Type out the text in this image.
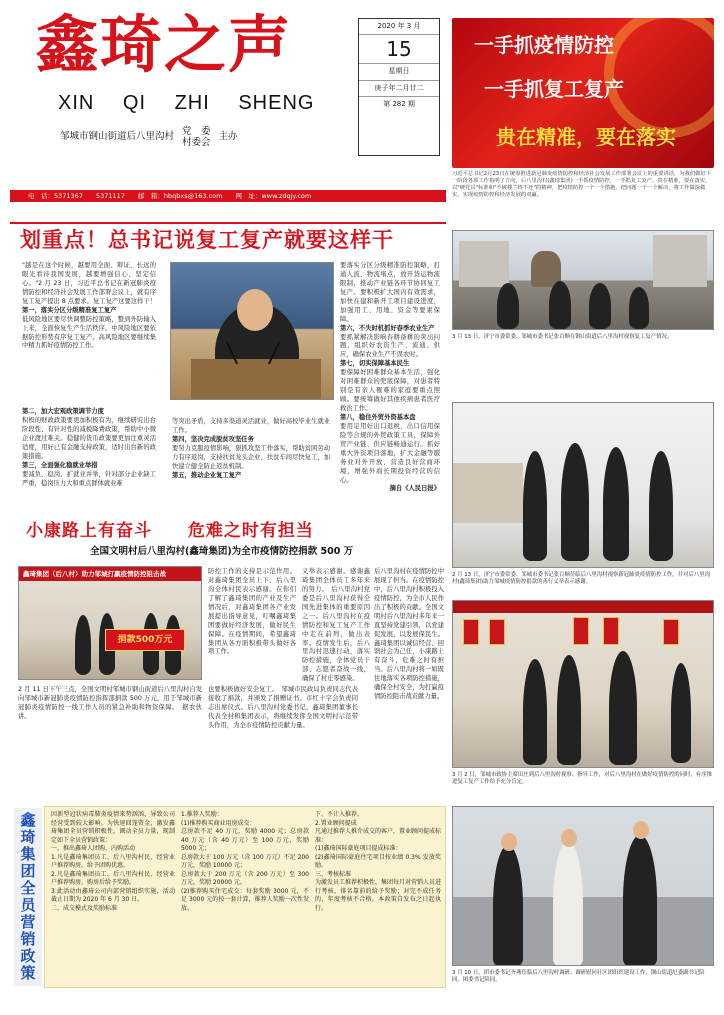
鑫琦之声
XIN QI ZHI SHENG
邹城市钢山街道后八里沟村 党　委
村委会
主办
2020 年 3 月
15
星期日
庚子年二月廿二
第 282 期
一手抓疫情防控
一手抓复工复产
贵在精准，要在落实
习近平总书记2月23日在统筹推进新冠肺炎疫情防控和经济社会发展工作部署会议上的重要讲话，为我们做好下一阶段各项工作指明了方向。后八里沟村(鑫琦集团)一手抓疫情防控，一手抓复工复产，贵在精准，要在落实，以"硬党员"标准和"不破楼兰终不还"的精神，把疫情防控一个一个措施、把问题一个一个解决，将工作做深做实，实现疫情防控和经济发展的双赢。
电　话：5371367　　5371117　　邮　箱：hbqbxs@163.com　　网　址：www.zdqjy.com
划重点！总书记说复工复产就要这样干

"越是在这个时候，越要用全面、辩证、长远的眼光看待我国发展，越要增强信心、坚定信心。"2 月 23 日，习近平总书记在新冠肺炎疫情防控和经济社会发展工作部署会议上，就有序复工复产提出 8 点要求。复工复产这要这样干！

第一，落实分区分级精准复工复产

低风险地区要尽快调整防控策略，整到外防输入上来，全面恢复生产生活秩序。中风险地区要依据防控形势有序复工复产。高风险地区要继续集中精力抓好疫情防控工作。

第二，加大宏观政策调节力度

积极的财政政策要更加积极有为，继续研究出台阶段性、有针对性的减税降费政策，帮助中小微企业渡过难关。稳健的货币政策要更加注重灵活适度，用好已有金融支持政策，适时出台新的政策措施。

第三，全面强化稳就业举措

要减负、稳岗、扩就业并举，针对部分企业缺工严重，稳岗压力大和重点群体就业难

等突出矛盾，支持多渠道灵活就业，做好高校毕业生就业工作。

第四，坚决完成脱贫攻坚任务

要努力克服疫情影响，狠抓攻坚工作落实，帮助贫困劳动力有序返岗，支持扶贫龙头企业、扶贫车间尽快复工，加快建立健全防止返贫机制。

第五，推动企业复工复产

要落实分区分级精准防控策略，打通人流、物流堵点，放开货运物流限制，推动产业链各环节协同复工复产。要积极扩大国内有效需求，加快在建和新开工项目建设进度，加强用工、用地、资金等要素保障。

第六，不失时机抓好春季农业生产

要抓紧解决影响春耕备耕的突出问题，组织好农资生产、流通、供应，确保农业生产不误农时。

第七，切实保障基本民生

要保障好困难群众基本生活，强化对困难群众的兜底保障，对患者特别是有亲人罹难的家庭要重点照顾。要统筹做好其他疾病患者医疗救治工作。

第八，稳住外贸外资基本盘

要用足用好出口退税、出口信用保险等合规的外贸政策工具，保障外贸产业链、供应链畅通运行。抓好重大外资项目落地，扩大金融等服务业对外开放，营造良好营商环境，增强外商长期投资经营的信心。

摘自《人民日报》

小康路上有奋斗 危难之时有担当
全国文明村后八里沟村(鑫琦集团)为全市疫情防控捐款 500 万
鑫琦集团（后八村）助力邹城打赢疫情防控阻击战
捐款500万元
2 月 11 日下午三点，全国文明村邹城市钢山街道后八里沟村自发向邹城市新冠肺炎疫情防控指挥部捐款 500 万元，用于邹城市新冠肺炎疫情防控一线工作人员的紧急补助和物资保障。　据农伙讲。
防控工作的支持是示范作用。对鑫琦集团全员上下、后八里沟全体村民表示感谢。在你们了解了鑫琦集团的产业及生产情况后，对鑫琦集团各产业发展提出指导意见，叮嘱鑫琦集团要做好经济发展，做好民生保障。在疫情期间，希望鑫琦集团从各方面积极带头做好各项工作。
也要积极做好安全复工。　邹城市民政局负责同志代表接收了捐款，并颁发了捐赠证书。市红十字会负责同志出席仪式。后八里沟村党委书记、鑫琦集团董事长代表全村和集团表示，将继续发挥全国文明村示范带头作用，为全市疫情防控贡献力量。
义举表示感谢。感谢鑫琦集团全体员工多年来的努力。　后八里沟村党委是后八里沟村获得全国先进集体的重要原因之一。后八里沟村在疫情防控和复工复产工作中走在前列，做出表率。疫情发生后，后八里沟村迅速行动，落实防控措施，全体党员干部、志愿者奋战一线，确保了村庄零感染。
后八里沟村在疫情防控中展现了担当。在疫情防控中，后八里沟村积极投入疫情防控，为全市人民作出了积极的贡献。全国文明村后八里沟村多年来一直坚持党建引领，以党建促发展，以发展保民生。鑫琦集团以诚信经营、回馈社会为己任，小康路上有奋斗，危难之时有担当。后八里沟村将一如既往地落实各项防控措施，确保全村安全，为打赢疫情防控阻击战贡献力量。
鑫琦集团全员营销政策
因新型冠状病毒肺炎疫情来势汹汹，导致公司经营受到较大影响。为快速回笼资金，激发鑫琦集团全员营销积极性，调动全员力量，现制定如下全员营销政策：
一、推出鑫琦人团购、内购活动
1.凡是鑫琦集团员工、后八里沟村民、经营业户推荐购房，给予团购优惠。
2.凡是鑫琦集团员工、后八里沟村民、经营业户推荐购房，购房后给予奖励。
3.此活动由鑫琦公司内部营销组织实施，活动截止日期为 2020 年 6 月 30 日。
二、成交模式及奖励标准
1.推荐人奖励：
(1)推荐购买商业用房成交：
总房款不足 40 万元，奖励 4000 元；总房款 40 万元（含 40 万元）至 100 万元，奖励 5000 元；
总房款大于 100 万元（含 100 万元）不足 200 万元，奖励 10000 元；
总房款大于 200 万元（含 200 万元）至 300 万元，奖励 20000 元。
(2)推荐购买住宅成交：每套奖励 3000 元，不足 3000 元的按一套计算，推荐人奖励一次性发放。
下、不计入推荐。
2.置业顾问提成
凡通过推荐人推介成交的客户，置业顾问提成标准：
(1)鑫琦国际豪庭项目提成标准：
(2)鑫琦国际豪庭住宅项目按业绩 0.3% 发放奖励。
三、考核标准
为激发员工推荐积极性，集团每月对营销人员进行考核，排名靠前的给予奖励；对完不成任务的，年度考核不合格。本政策自发布之日起执行。
3 月 13 日，济宁市委常委、邹城市委书记张百顺在钢山街道后八里沟村视察复工复产情况。
2 月 13 日，济宁市委常委、邹城市委书记张百顺莅临后八里沟村视察新冠肺炎疫情防控工作，并对后八里沟村(鑫琦集团)助力邹城疫情防控捐款的善行义举表示感谢。
3 月 2 日，邹城市政协主席田庄到后八里沟村视察、指导工作，对后八里沟村在做好疫情防控的同时，有序推进复工复产工作给予充分肯定。
3 月 10 日，团市委书记齐燕莅临后八里沟村调研、调研慰问社区团组织建设工作，钢山街道纪委副书记陪同，团委书记陪同。
